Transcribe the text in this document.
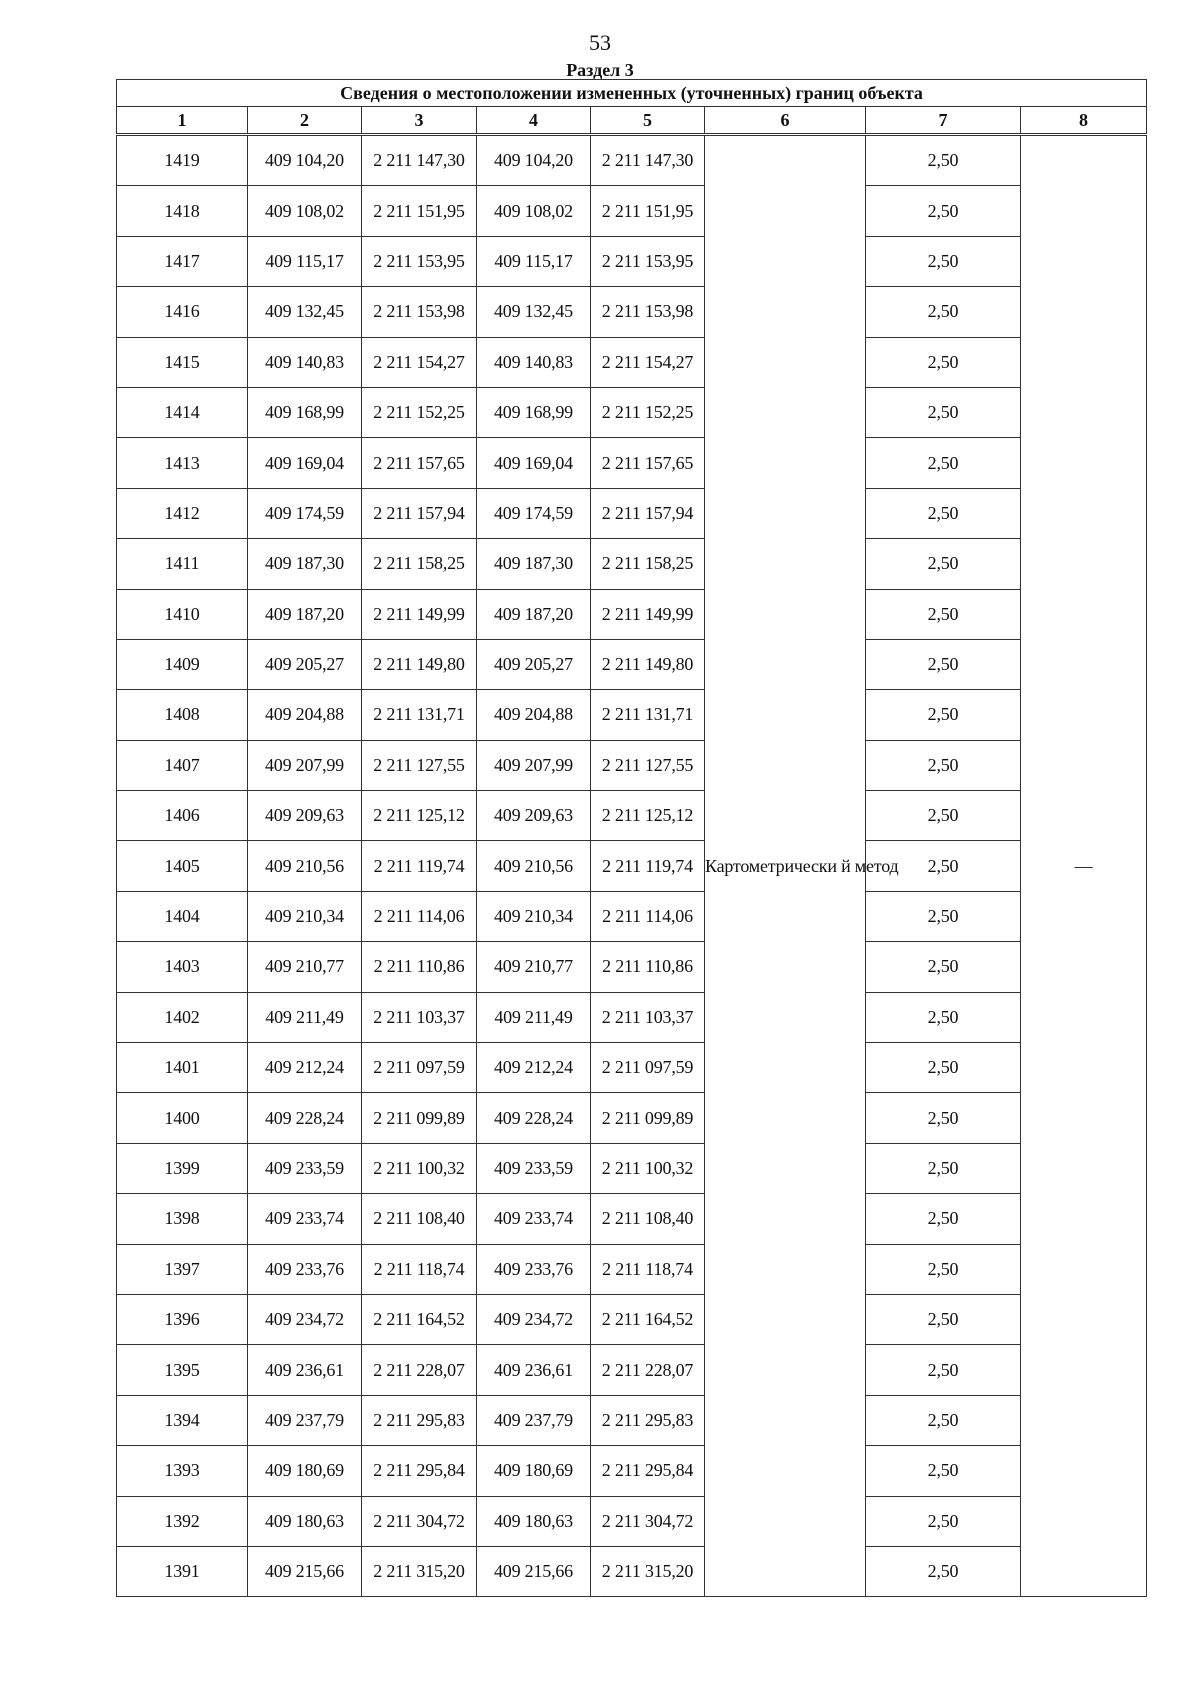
53
Раздел 3
Сведения о местоположении измененных (уточненных) границ объекта							
1	2	3	4	5	6	7	8
1419	409 104,20	2 211 147,30	409 104,20	2 211 147,30	Картометрически й метод	2,50	—
1418	409 108,02	2 211 151,95	409 108,02	2 211 151,95		2,50	
1417	409 115,17	2 211 153,95	409 115,17	2 211 153,95		2,50	
1416	409 132,45	2 211 153,98	409 132,45	2 211 153,98		2,50	
1415	409 140,83	2 211 154,27	409 140,83	2 211 154,27		2,50	
1414	409 168,99	2 211 152,25	409 168,99	2 211 152,25		2,50	
1413	409 169,04	2 211 157,65	409 169,04	2 211 157,65		2,50	
1412	409 174,59	2 211 157,94	409 174,59	2 211 157,94		2,50	
1411	409 187,30	2 211 158,25	409 187,30	2 211 158,25		2,50	
1410	409 187,20	2 211 149,99	409 187,20	2 211 149,99		2,50	
1409	409 205,27	2 211 149,80	409 205,27	2 211 149,80		2,50	
1408	409 204,88	2 211 131,71	409 204,88	2 211 131,71		2,50	
1407	409 207,99	2 211 127,55	409 207,99	2 211 127,55		2,50	
1406	409 209,63	2 211 125,12	409 209,63	2 211 125,12		2,50	
1405	409 210,56	2 211 119,74	409 210,56	2 211 119,74		2,50	
1404	409 210,34	2 211 114,06	409 210,34	2 211 114,06		2,50	
1403	409 210,77	2 211 110,86	409 210,77	2 211 110,86		2,50	
1402	409 211,49	2 211 103,37	409 211,49	2 211 103,37		2,50	
1401	409 212,24	2 211 097,59	409 212,24	2 211 097,59		2,50	
1400	409 228,24	2 211 099,89	409 228,24	2 211 099,89		2,50	
1399	409 233,59	2 211 100,32	409 233,59	2 211 100,32		2,50	
1398	409 233,74	2 211 108,40	409 233,74	2 211 108,40		2,50	
1397	409 233,76	2 211 118,74	409 233,76	2 211 118,74		2,50	
1396	409 234,72	2 211 164,52	409 234,72	2 211 164,52		2,50	
1395	409 236,61	2 211 228,07	409 236,61	2 211 228,07		2,50	
1394	409 237,79	2 211 295,83	409 237,79	2 211 295,83		2,50	
1393	409 180,69	2 211 295,84	409 180,69	2 211 295,84		2,50	
1392	409 180,63	2 211 304,72	409 180,63	2 211 304,72		2,50	
1391	409 215,66	2 211 315,20	409 215,66	2 211 315,20		2,50	
